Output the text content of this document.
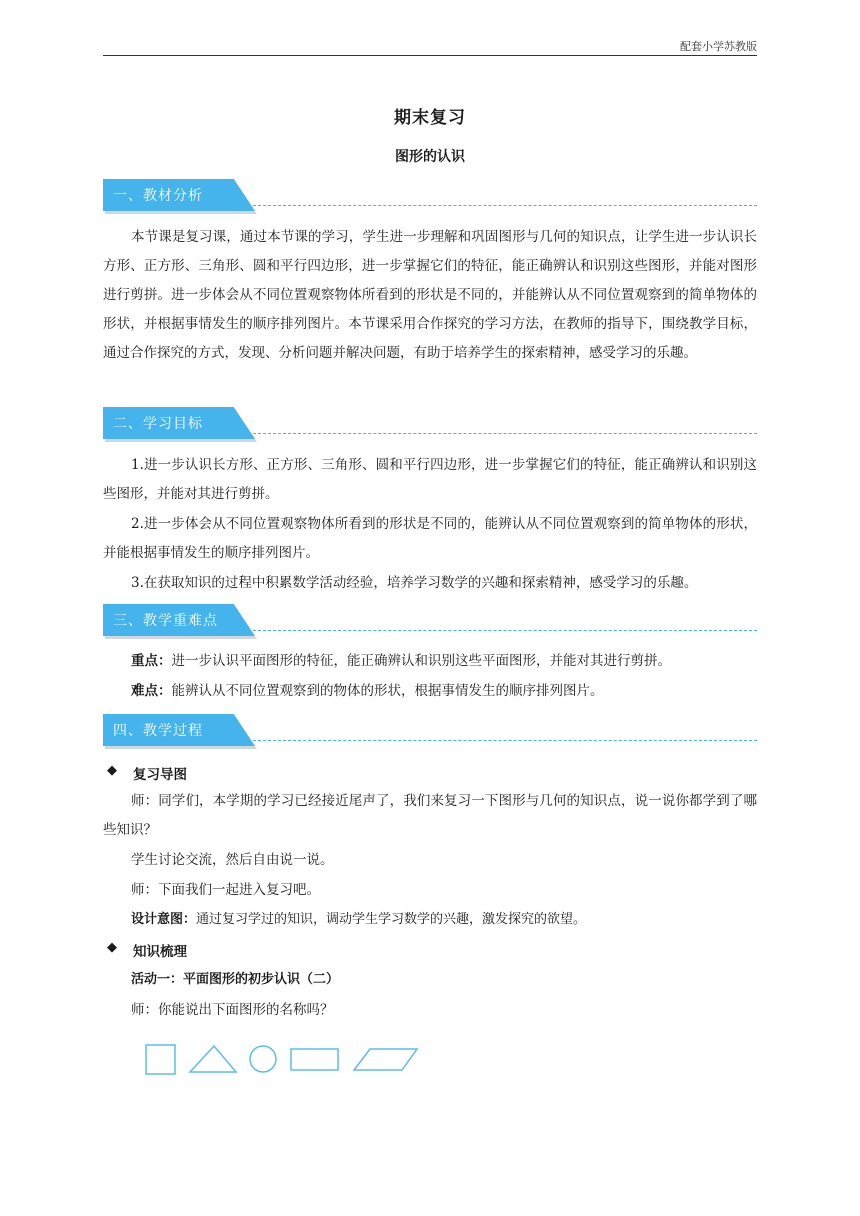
配套小学苏教版
期末复习
图形的认识
一、教材分析
本节课是复习课，通过本节课的学习，学生进一步理解和巩固图形与几何的知识点，让学生进一步认识长方形、正方形、三角形、圆和平行四边形，进一步掌握它们的特征，能正确辨认和识别这些图形，并能对图形进行剪拼。进一步体会从不同位置观察物体所看到的形状是不同的，并能辨认从不同位置观察到的简单物体的形状，并根据事情发生的顺序排列图片。本节课采用合作探究的学习方法，在教师的指导下，围绕教学目标，通过合作探究的方式，发现、分析问题并解决问题，有助于培养学生的探索精神，感受学习的乐趣。
二、学习目标
1.进一步认识长方形、正方形、三角形、圆和平行四边形，进一步掌握它们的特征，能正确辨认和识别这些图形，并能对其进行剪拼。
2.进一步体会从不同位置观察物体所看到的形状是不同的，能辨认从不同位置观察到的简单物体的形状，并能根据事情发生的顺序排列图片。
3.在获取知识的过程中积累数学活动经验，培养学习数学的兴趣和探索精神，感受学习的乐趣。
三、教学重难点
重点：进一步认识平面图形的特征，能正确辨认和识别这些平面图形，并能对其进行剪拼。
难点：能辨认从不同位置观察到的物体的形状，根据事情发生的顺序排列图片。
四、教学过程
◆ 复习导图
师：同学们，本学期的学习已经接近尾声了，我们来复习一下图形与几何的知识点，说一说你都学到了哪些知识？
学生讨论交流，然后自由说一说。
师：下面我们一起进入复习吧。
设计意图：通过复习学过的知识，调动学生学习数学的兴趣，激发探究的欲望。
◆ 知识梳理
活动一：平面图形的初步认识（二）
师：你能说出下面图形的名称吗？
